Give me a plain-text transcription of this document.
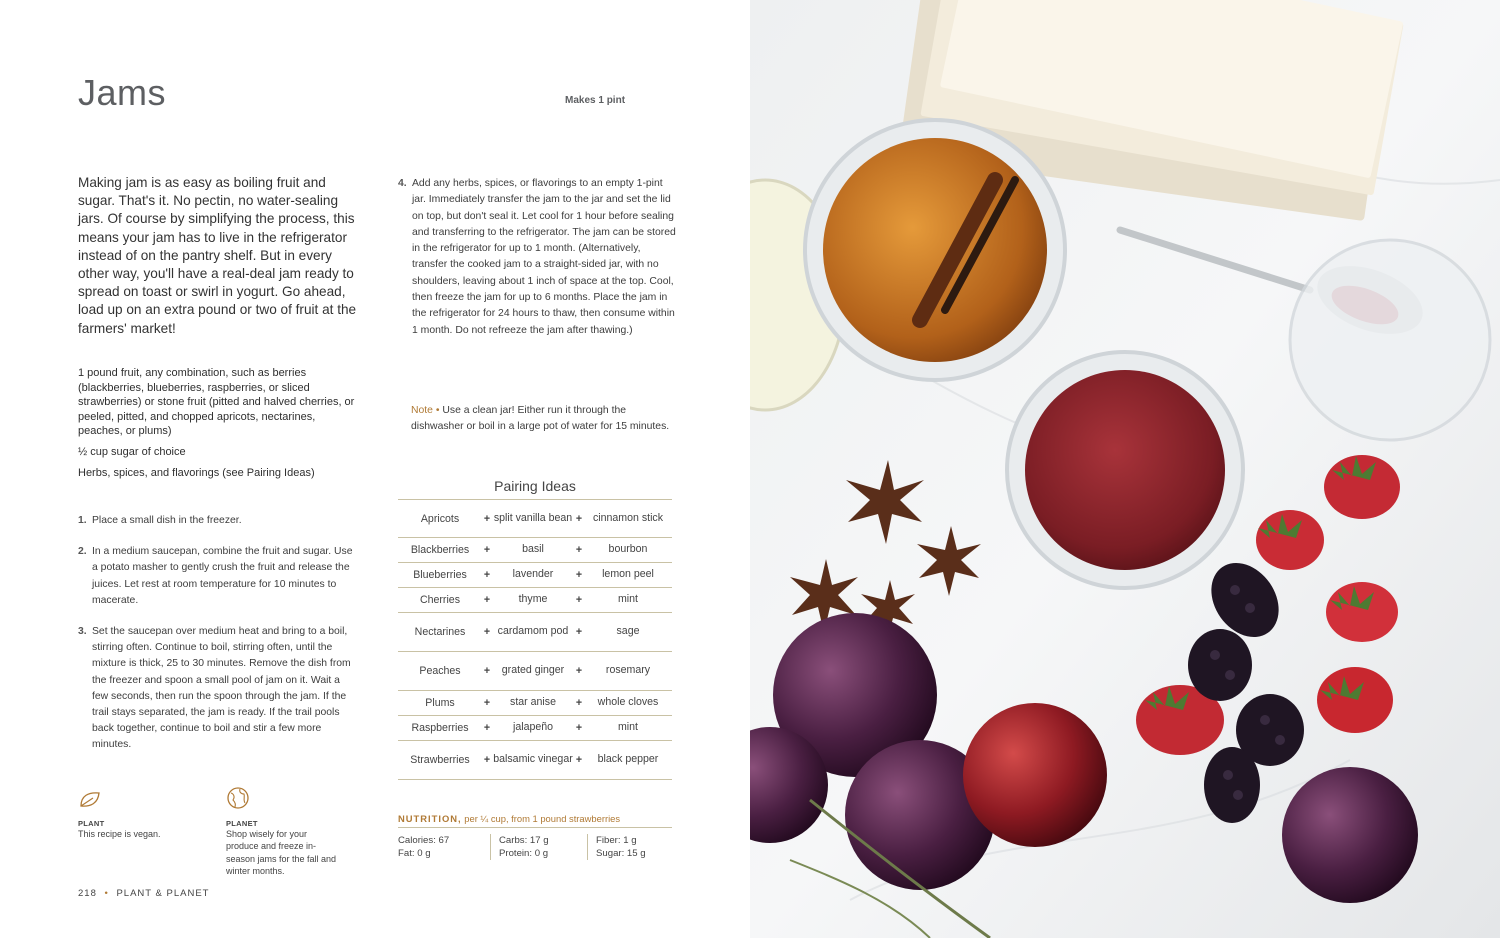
Jams	Makes 1 pint
Making jam is as easy as boiling fruit and sugar. That's it. No pectin, no water-sealing jars. Of course by simplifying the process, this means your jam has to live in the refrigerator instead of on the pantry shelf. But in every other way, you'll have a real-deal jam ready to spread on toast or swirl in yogurt. Go ahead, load up on an extra pound or two of fruit at the farmers' market!

1 pound fruit, any combination, such as berries (blackberries, blueberries, raspberries, or sliced strawberries) or stone fruit (pitted and halved cherries, or peeled, pitted, and chopped apricots, nectarines, peaches, or plums)

½ cup sugar of choice

Herbs, spices, and flavorings (see Pairing Ideas)

1. Place a small dish in the freezer.
2. In a medium saucepan, combine the fruit and sugar. Use a potato masher to gently crush the fruit and release the juices. Let rest at room temperature for 10 minutes to macerate.
3. Set the saucepan over medium heat and bring to a boil, stirring often. Continue to boil, stirring often, until the mixture is thick, 25 to 30 minutes. Remove the dish from the freezer and spoon a small pool of jam on it. Wait a few seconds, then run the spoon through the jam. If the trail stays separated, the jam is ready. If the trail pools back together, continue to boil and stir a few more minutes.
4. Add any herbs, spices, or flavorings to an empty 1-pint jar. Immediately transfer the jam to the jar and set the lid on top, but don't seal it. Let cool for 1 hour before sealing and transferring to the refrigerator. The jam can be stored in the refrigerator for up to 1 month. (Alternatively, transfer the cooked jam to a straight-sided jar, with no shoulders, leaving about 1 inch of space at the top. Cool, then freeze the jam for up to 6 months. Place the jam in the refrigerator for 24 hours to thaw, then consume within 1 month. Do not refreeze the jam after thawing.)
Note • Use a clean jar! Either run it through the dishwasher or boil in a large pot of water for 15 minutes.
Pairing Ideas
Apricots	+ split vanilla bean +	cinnamon stick
Blackberries	+	basil	+	bourbon
Blueberries	+	lavender	+	lemon peel
Cherries	+	thyme	+	mint
Nectarines	+ cardamom pod +	sage
Peaches	+	grated ginger	+	rosemary
Plums	+	star anise	+	whole cloves
Raspberries	+	jalapeño	+	mint
Strawberries	+ balsamic vinegar +	black pepper
PLANT
This recipe is vegan.
PLANET
Shop wisely for your produce and freeze in-season jams for the fall and winter months.
NUTRITION, per ¼ cup, from 1 pound strawberries
Calories: 67
Fat: 0 g
Carbs: 17 g
Protein: 0 g
Fiber: 1 g
Sugar: 15 g
218 • PLANT & PLANET
